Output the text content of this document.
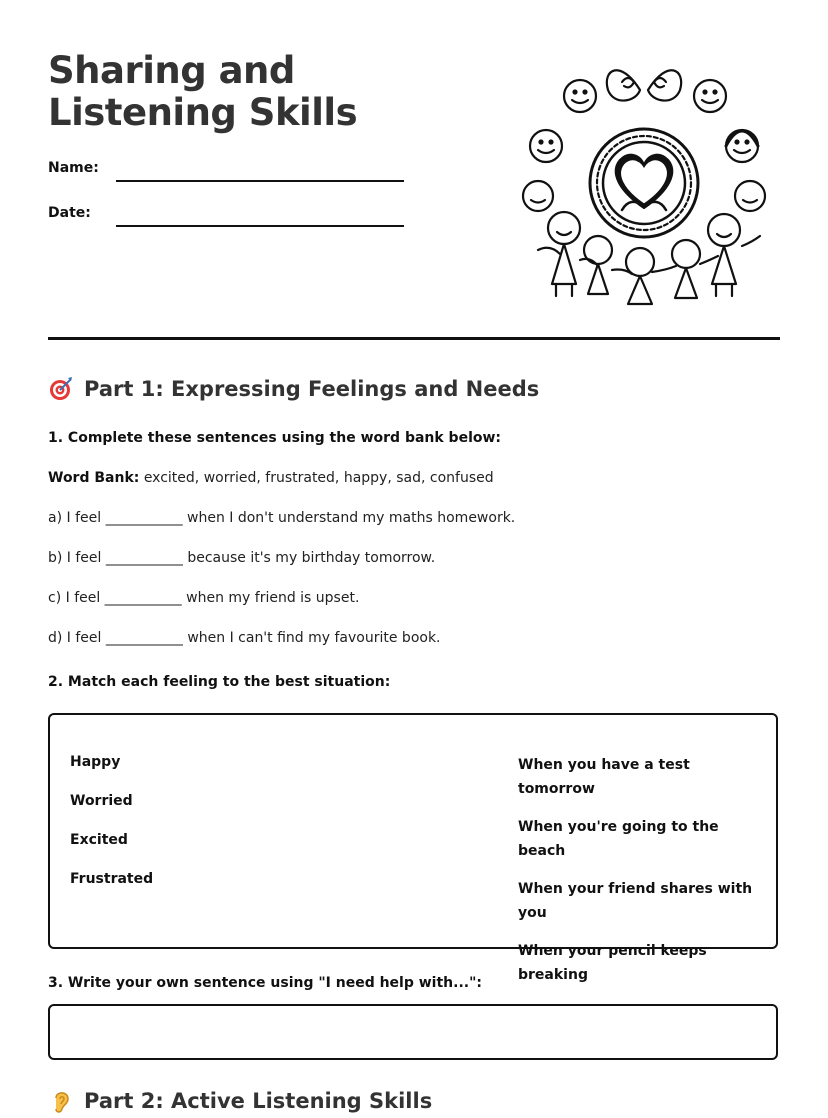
Sharing and Listening Skills
Name:
Date:
Part 1: Expressing Feelings and Needs
1. Complete these sentences using the word bank below:
Word Bank: excited, worried, frustrated, happy, sad, confused
a) I feel ___________ when I don't understand my maths homework.
b) I feel ___________ because it's my birthday tomorrow.
c) I feel ___________ when my friend is upset.
d) I feel ___________ when I can't find my favourite book.
2. Match each feeling to the best situation:
Happy
Worried
Excited
Frustrated
When you have a test tomorrow
When you're going to the beach
When your friend shares with you
When your pencil keeps breaking
3. Write your own sentence using "I need help with...":
Part 2: Active Listening Skills
